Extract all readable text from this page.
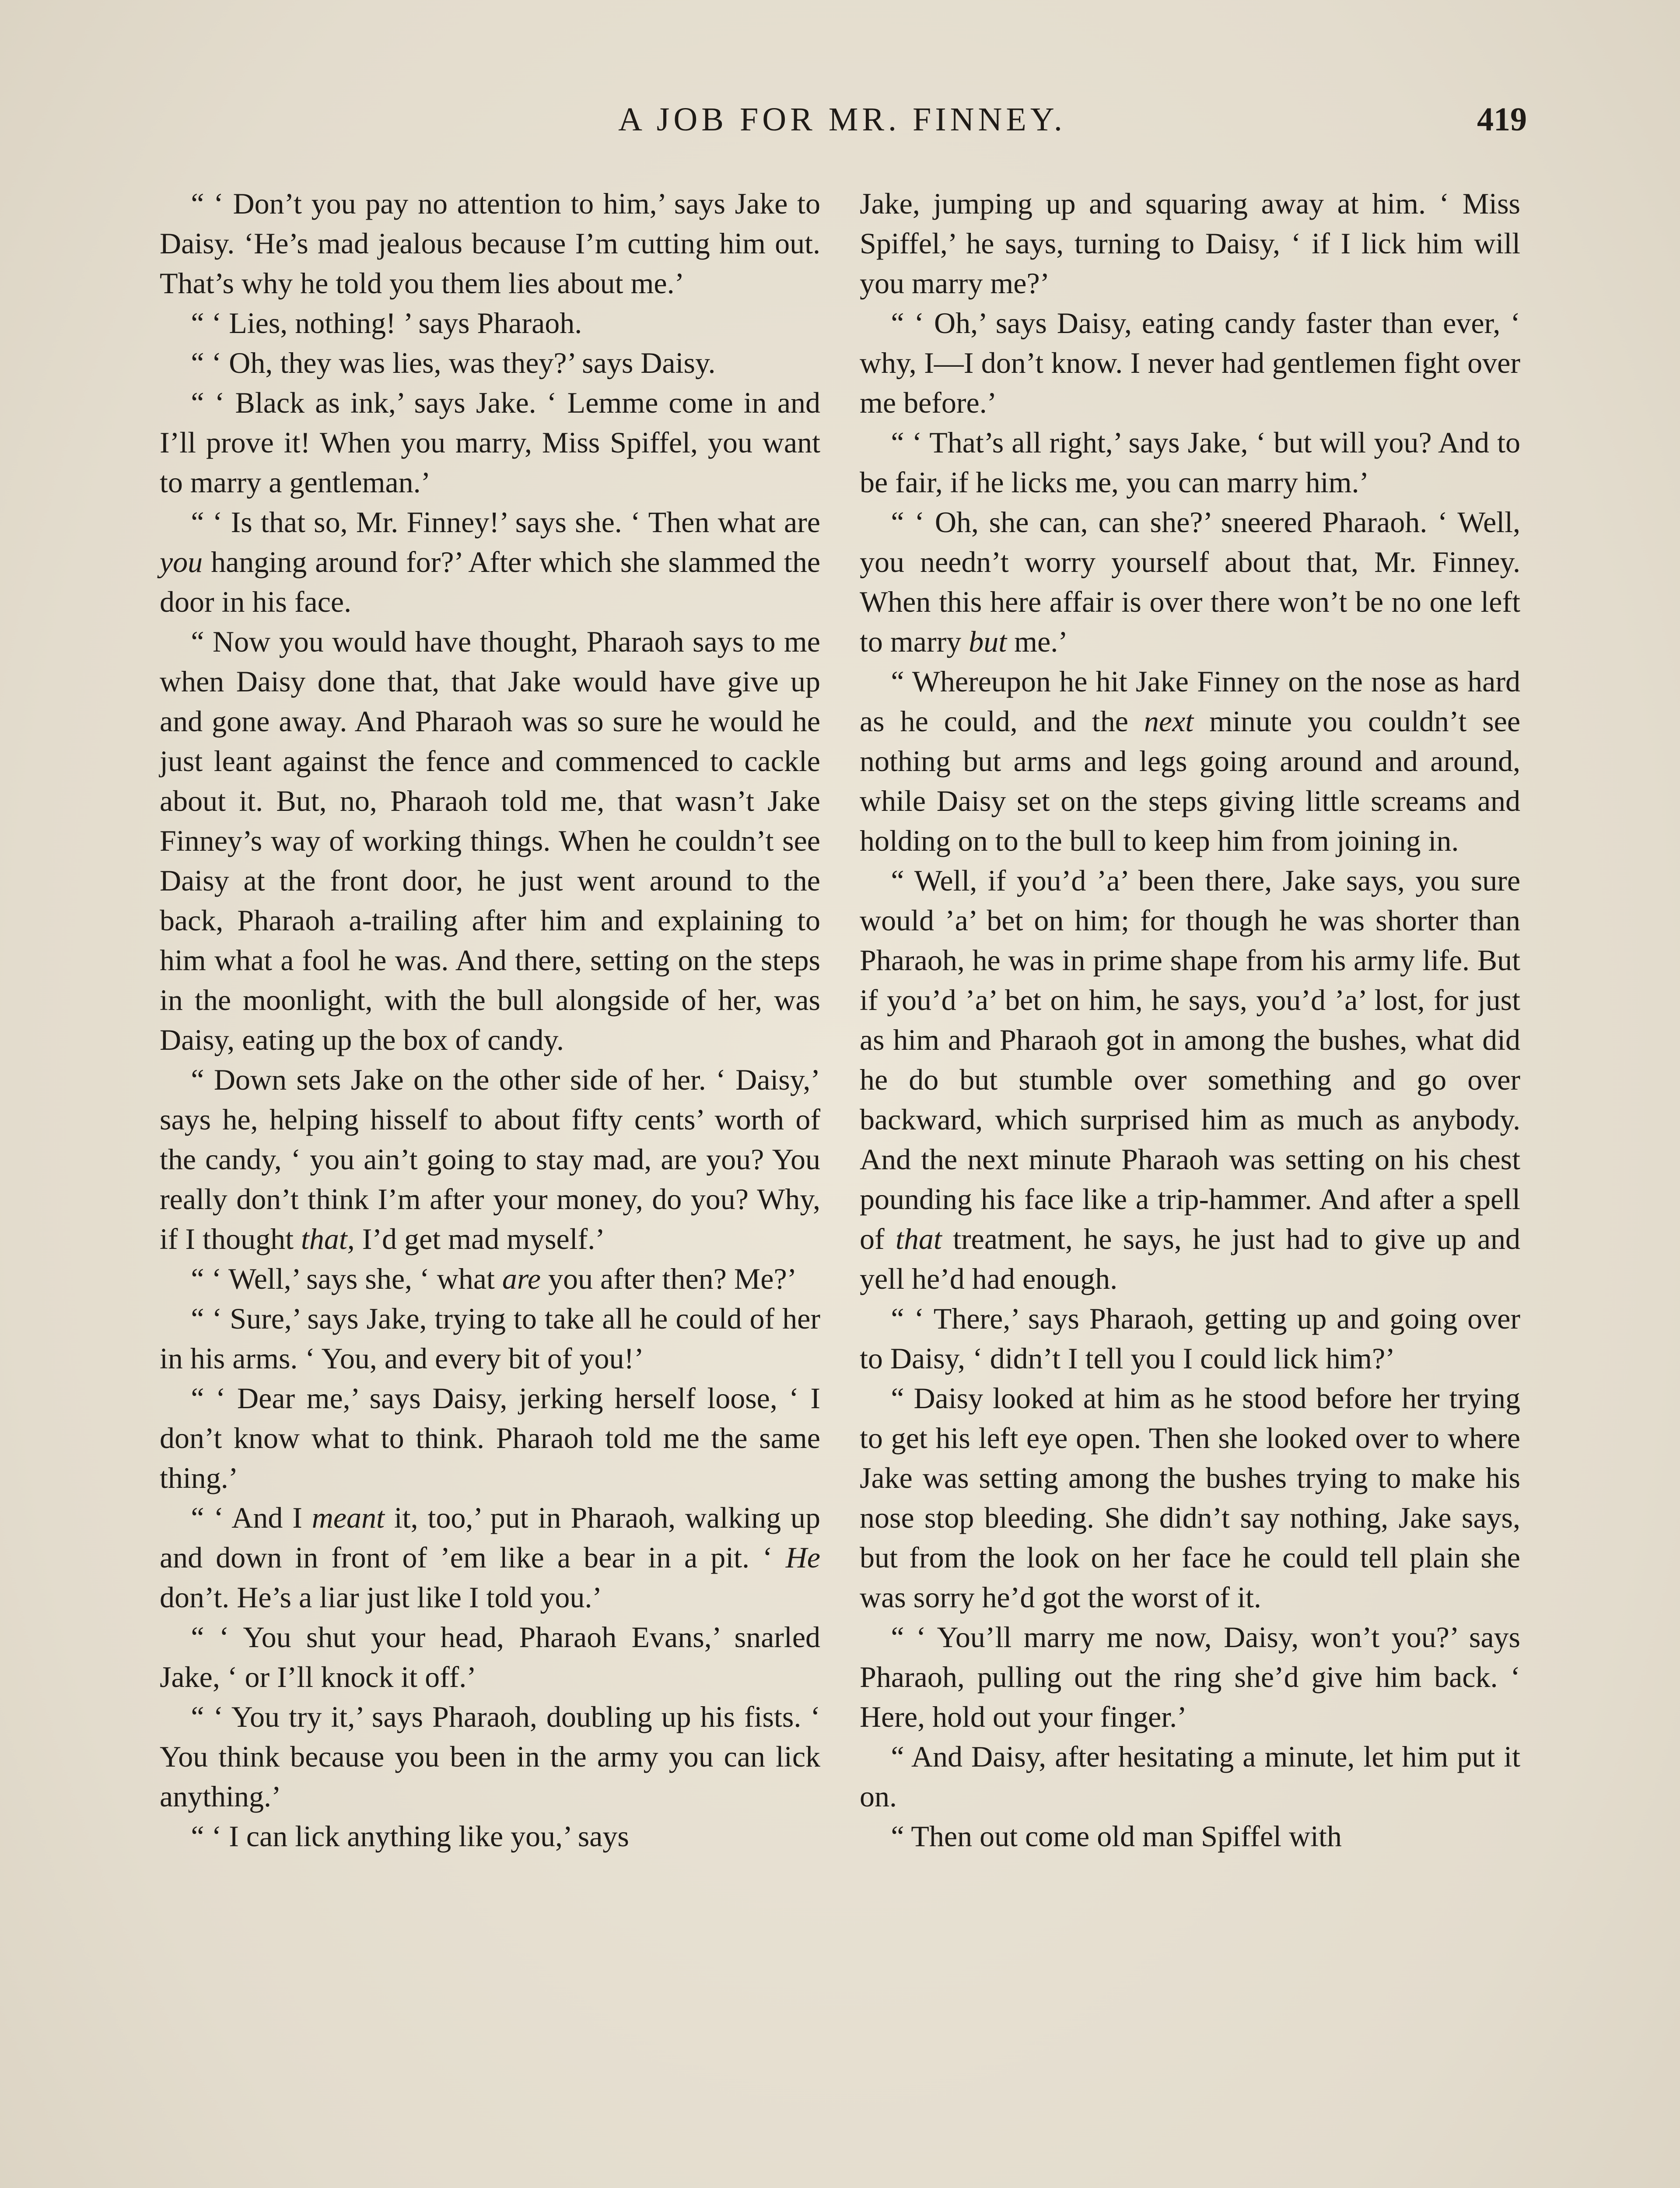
A JOB FOR MR. FINNEY.	419

“ ‘ Don’t you pay no attention to him,’ says Jake to Daisy. ‘He’s mad jealous because I’m cutting him out. That’s why he told you them lies about me.’

“ ‘ Lies, nothing! ’ says Pharaoh.

“ ‘ Oh, they was lies, was they?’ says Daisy.

“ ‘ Black as ink,’ says Jake. ‘ Lemme come in and I’ll prove it! When you marry, Miss Spiffel, you want to marry a gentleman.’

“ ‘ Is that so, Mr. Finney!’ says she. ‘ Then what are you hanging around for?’ After which she slammed the door in his face.

“ Now you would have thought, Pharaoh says to me when Daisy done that, that Jake would have give up and gone away. And Pharaoh was so sure he would he just leant against the fence and commenced to cackle about it. But, no, Pharaoh told me, that wasn’t Jake Finney’s way of working things. When he couldn’t see Daisy at the front door, he just went around to the back, Pharaoh a-trailing after him and explaining to him what a fool he was. And there, setting on the steps in the moonlight, with the bull alongside of her, was Daisy, eating up the box of candy.

“ Down sets Jake on the other side of her. ‘ Daisy,’ says he, helping hisself to about fifty cents’ worth of the candy, ‘ you ain’t going to stay mad, are you? You really don’t think I’m after your money, do you? Why, if I thought that, I’d get mad myself.’

“ ‘ Well,’ says she, ‘ what are you after then? Me?’

“ ‘ Sure,’ says Jake, trying to take all he could of her in his arms. ‘ You, and every bit of you!’

“ ‘ Dear me,’ says Daisy, jerking herself loose, ‘ I don’t know what to think. Pharaoh told me the same thing.’

“ ‘ And I meant it, too,’ put in Pharaoh, walking up and down in front of ’em like a bear in a pit. ‘ He don’t. He’s a liar just like I told you.’

“ ‘ You shut your head, Pharaoh Evans,’ snarled Jake, ‘ or I’ll knock it off.’

“ ‘ You try it,’ says Pharaoh, doubling up his fists. ‘ You think because you been in the army you can lick anything.’

“ ‘ I can lick anything like you,’ says

Jake, jumping up and squaring away at him. ‘ Miss Spiffel,’ he says, turning to Daisy, ‘ if I lick him will you marry me?’

“ ‘ Oh,’ says Daisy, eating candy faster than ever, ‘ why, I—I don’t know. I never had gentlemen fight over me before.’

“ ‘ That’s all right,’ says Jake, ‘ but will you? And to be fair, if he licks me, you can marry him.’

“ ‘ Oh, she can, can she?’ sneered Pharaoh. ‘ Well, you needn’t worry yourself about that, Mr. Finney. When this here affair is over there won’t be no one left to marry but me.’

“ Whereupon he hit Jake Finney on the nose as hard as he could, and the next minute you couldn’t see nothing but arms and legs going around and around, while Daisy set on the steps giving little screams and holding on to the bull to keep him from joining in.

“ Well, if you’d ’a’ been there, Jake says, you sure would ’a’ bet on him; for though he was shorter than Pharaoh, he was in prime shape from his army life. But if you’d ’a’ bet on him, he says, you’d ’a’ lost, for just as him and Pharaoh got in among the bushes, what did he do but stumble over something and go over backward, which surprised him as much as anybody. And the next minute Pharaoh was setting on his chest pounding his face like a trip-hammer. And after a spell of that treatment, he says, he just had to give up and yell he’d had enough.

“ ‘ There,’ says Pharaoh, getting up and going over to Daisy, ‘ didn’t I tell you I could lick him?’

“ Daisy looked at him as he stood before her trying to get his left eye open. Then she looked over to where Jake was setting among the bushes trying to make his nose stop bleeding. She didn’t say nothing, Jake says, but from the look on her face he could tell plain she was sorry he’d got the worst of it.

“ ‘ You’ll marry me now, Daisy, won’t you?’ says Pharaoh, pulling out the ring she’d give him back. ‘ Here, hold out your finger.’

“ And Daisy, after hesitating a minute, let him put it on.

“ Then out come old man Spiffel with
